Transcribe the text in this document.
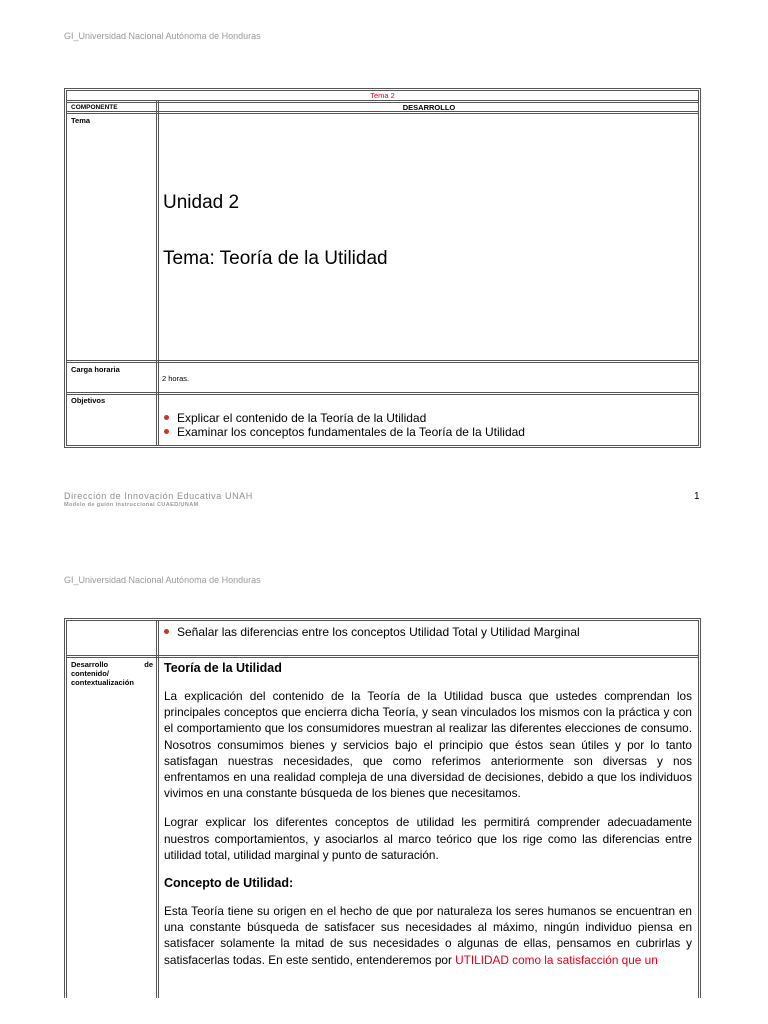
GI_Universidad Nacional Autónoma de Honduras
Tema 2
COMPONENTE	DESARROLLO
Tema
Unidad 2
Tema: Teoría de la Utilidad
Carga horaria
2 horas.
Objetivos
Explicar el contenido de la Teoría de la Utilidad
Examinar los conceptos fundamentales de la Teoría de la Utilidad
Dirección de Innovación Educativa UNAH
Modelo de guión instruccional CUAED/UNAM
1
GI_Universidad Nacional Autónoma de Honduras
Señalar las diferencias entre los conceptos Utilidad Total y Utilidad Marginal
Desarrollo	de
contenido/
contextualización

Teoría de la Utilidad

La explicación del contenido de la Teoría de la Utilidad busca que ustedes comprendan los principales conceptos que encierra dicha Teoría, y sean vinculados los mismos con la práctica y con el comportamiento que los consumidores muestran al realizar las diferentes elecciones de consumo. Nosotros consumimos bienes y servicios bajo el principio que éstos sean útiles y por lo tanto satisfagan nuestras necesidades, que como referimos anteriormente son diversas y nos enfrentamos en una realidad compleja de una diversidad de decisiones, debido a que los individuos vivimos en una constante búsqueda de los bienes que necesitamos.

Lograr explicar los diferentes conceptos de utilidad les permitirá comprender adecuadamente nuestros comportamientos, y asociarlos al marco teórico que los rige como las diferencias entre utilidad total, utilidad marginal y punto de saturación.

Concepto de Utilidad:

Esta Teoría tiene su origen en el hecho de que por naturaleza los seres humanos se encuentran en una constante búsqueda de satisfacer sus necesidades al máximo, ningún individuo piensa en satisfacer solamente la mitad de sus necesidades o algunas de ellas, pensamos en cubrirlas y satisfacerlas todas. En este sentido, entenderemos por UTILIDAD como la satisfacción que un
